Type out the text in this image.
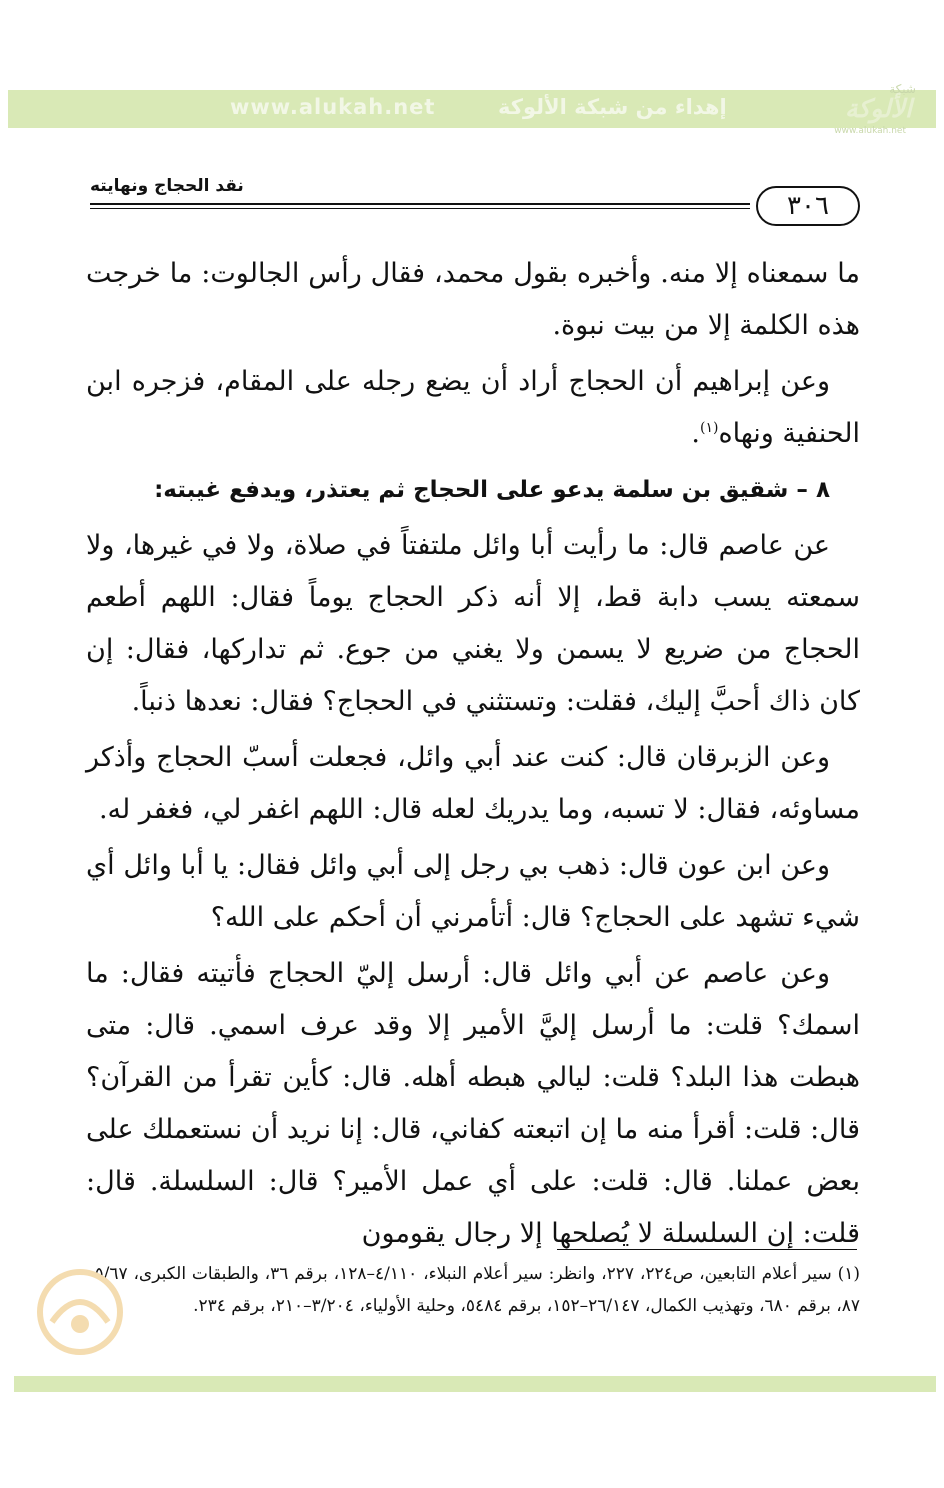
www.alukah.net	إهداء من شبكة الألوكة
شبكة
الألوكة
www.alukah.net
نقد الحجاج ونهايته
٣٠٦

ما سمعناه إلا منه. وأخبره بقول محمد، فقال رأس الجالوت: ما خرجت هذه الكلمة إلا من بيت نبوة.

وعن إبراهيم أن الحجاج أراد أن يضع رجله على المقام، فزجره ابن الحنفية ونهاه$^{(١)}$.

٨ – شقيق بن سلمة يدعو على الحجاج ثم يعتذر، ويدفع غيبته:

عن عاصم قال: ما رأيت أبا وائل ملتفتاً في صلاة، ولا في غيرها، ولا سمعته يسب دابة قط، إلا أنه ذكر الحجاج يوماً فقال: اللهم أطعم الحجاج من ضريع لا يسمن ولا يغني من جوع. ثم تداركها، فقال: إن كان ذاك أحبَّ إليك، فقلت: وتستثني في الحجاج؟ فقال: نعدها ذنباً.

وعن الزبرقان قال: كنت عند أبي وائل، فجعلت أسبّ الحجاج وأذكر مساوئه، فقال: لا تسبه، وما يدريك لعله قال: اللهم اغفر لي، فغفر له.

وعن ابن عون قال: ذهب بي رجل إلى أبي وائل فقال: يا أبا وائل أي شيء تشهد على الحجاج؟ قال: أتأمرني أن أحكم على الله؟

وعن عاصم عن أبي وائل قال: أرسل إليّ الحجاج فأتيته فقال: ما اسمك؟ قلت: ما أرسل إليَّ الأمير إلا وقد عرف اسمي. قال: متى هبطت هذا البلد؟ قلت: ليالي هبطه أهله. قال: كأين تقرأ من القرآن؟ قال: قلت: أقرأ منه ما إن اتبعته كفاني، قال: إنا نريد أن نستعملك على بعض عملنا. قال: قلت: على أي عمل الأمير؟ قال: السلسلة. قال: قلت: إن السلسلة لا يُصلحها إلا رجال يقومون

(١) سير أعلام التابعين، ص٢٢٤، ٢٢٧، وانظر: سير أعلام النبلاء، ٤/١١٠–١٢٨، برقم ٣٦، والطبقات الكبرى، ٥/٦٧–٨٧، برقم ٦٨٠، وتهذيب الكمال، ٢٦/١٤٧–١٥٢، برقم ٥٤٨٤، وحلية الأولياء، ٣/٢٠٤–٢١٠، برقم ٢٣٤.
